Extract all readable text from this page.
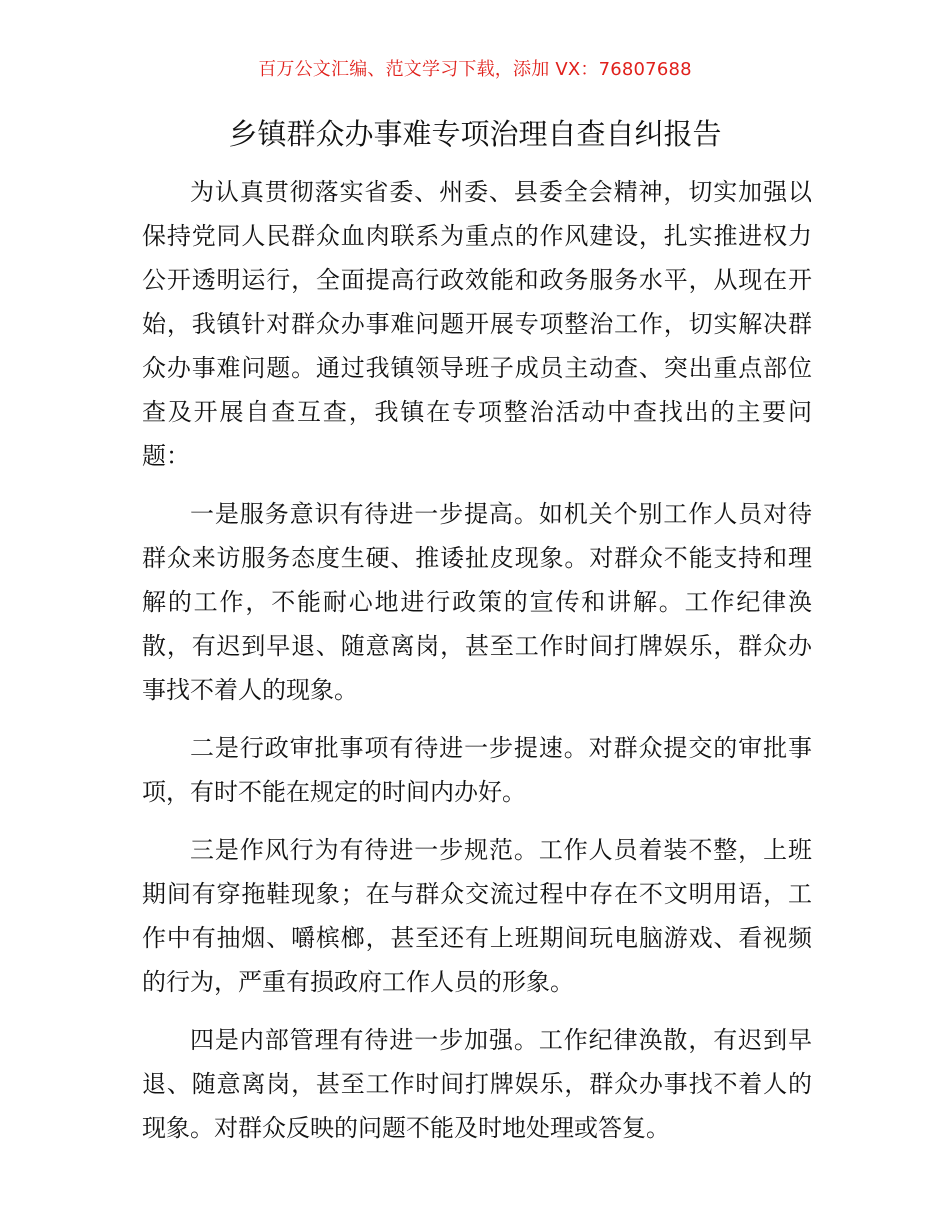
百万公文汇编、范文学习下载，添加 VX：76807688
乡镇群众办事难专项治理自查自纠报告

为认真贯彻落实省委、州委、县委全会精神，切实加强以保持党同人民群众血肉联系为重点的作风建设，扎实推进权力公开透明运行，全面提高行政效能和政务服务水平，从现在开始，我镇针对群众办事难问题开展专项整治工作，切实解决群众办事难问题。通过我镇领导班子成员主动查、突出重点部位查及开展自查互查，我镇在专项整治活动中查找出的主要问题：

一是服务意识有待进一步提高。如机关个别工作人员对待群众来访服务态度生硬、推诿扯皮现象。对群众不能支持和理解的工作，不能耐心地进行政策的宣传和讲解。工作纪律涣散，有迟到早退、随意离岗，甚至工作时间打牌娱乐，群众办事找不着人的现象。

二是行政审批事项有待进一步提速。对群众提交的审批事项，有时不能在规定的时间内办好。

三是作风行为有待进一步规范。工作人员着装不整，上班期间有穿拖鞋现象；在与群众交流过程中存在不文明用语，工作中有抽烟、嚼槟榔，甚至还有上班期间玩电脑游戏、看视频的行为，严重有损政府工作人员的形象。

四是内部管理有待进一步加强。工作纪律涣散，有迟到早退、随意离岗，甚至工作时间打牌娱乐，群众办事找不着人的现象。对群众反映的问题不能及时地处理或答复。
